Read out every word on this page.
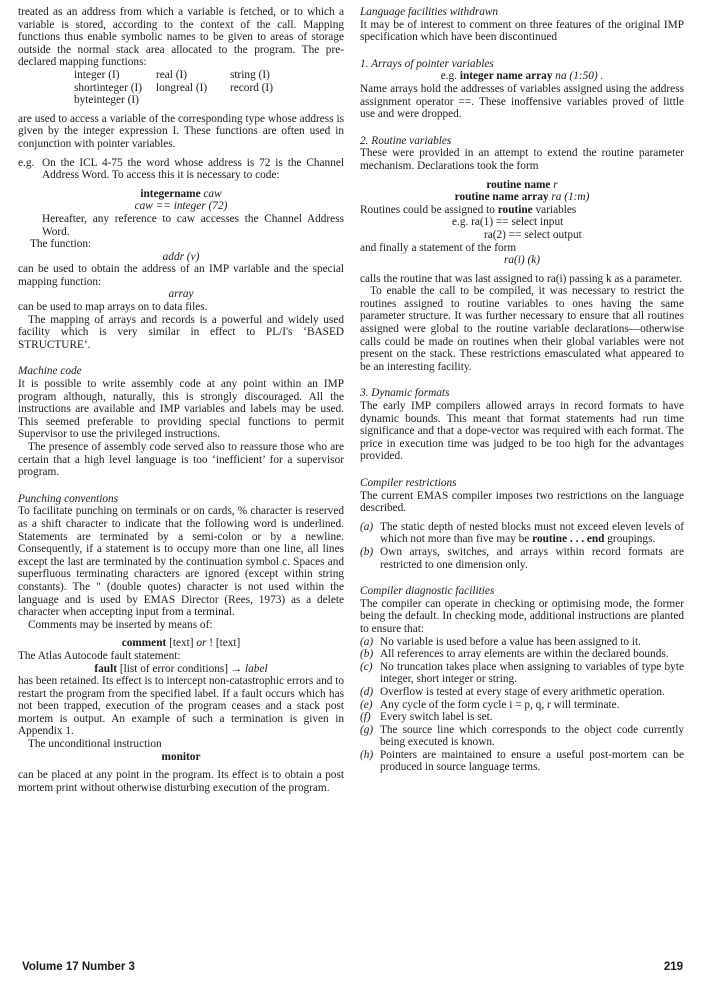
treated as an address from which a variable is fetched, or to which a variable is stored, according to the context of the call. Mapping functions thus enable symbolic names to be given to areas of storage outside the normal stack area allocated to the program. The pre-declared mapping functions:

integer (I)	real (I)	string (I)
shortinteger (I)	longreal (I)	record (I)
byteinteger (I)

are used to access a variable of the corresponding type whose address is given by the integer expression I. These functions are often used in conjunction with pointer variables.

e.g. On the ICL 4-75 the word whose address is 72 is the Channel Address Word. To access this it is necessary to code:
integername caw
caw == integer (72)

Hereafter, any reference to caw accesses the Channel Address Word.

The function:

addr (v)

can be used to obtain the address of an IMP variable and the special mapping function:

array

can be used to map arrays on to data files.

The mapping of arrays and records is a powerful and widely used facility which is very similar in effect to PL/I's ‘BASED STRUCTURE’.

Machine code

It is possible to write assembly code at any point within an IMP program although, naturally, this is strongly discouraged. All the instructions are available and IMP variables and labels may be used. This seemed preferable to providing special functions to permit Supervisor to use the privileged instructions.

The presence of assembly code served also to reassure those who are certain that a high level language is too ‘inefficient’ for a supervisor program.

Punching conventions

To facilitate punching on terminals or on cards, % character is reserved as a shift character to indicate that the following word is underlined. Statements are terminated by a semi-colon or by a newline. Consequently, if a statement is to occupy more than one line, all lines except the last are terminated by the continuation symbol c. Spaces and superfluous terminating characters are ignored (except within string constants). The " (double quotes) character is not used within the language and is used by EMAS Director (Rees, 1973) as a delete character when accepting input from a terminal.

Comments may be inserted by means of:

comment [text] or ! [text]

The Atlas Autocode fault statement:

fault [list of error conditions] → label

has been retained. Its effect is to intercept non-catastrophic errors and to restart the program from the specified label. If a fault occurs which has not been trapped, execution of the program ceases and a stack post mortem is output. An example of such a termination is given in Appendix 1.

The unconditional instruction

monitor

can be placed at any point in the program. Its effect is to obtain a post mortem print without otherwise disturbing execution of the program.

Language facilities withdrawn

It may be of interest to comment on three features of the original IMP specification which have been discontinued

1. Arrays of pointer variables
e.g. integer name array na (1:50) .

Name arrays hold the addresses of variables assigned using the address assignment operator ==. These inoffensive variables proved of little use and were dropped.

2. Routine variables

These were provided in an attempt to extend the routine parameter mechanism. Declarations took the form

routine name r
routine name array ra (1:m)

Routines could be assigned to routine variables

e.g. ra(1) == select input
ra(2) == select output

and finally a statement of the form

ra(i) (k)

calls the routine that was last assigned to ra(i) passing k as a parameter.

To enable the call to be compiled, it was necessary to restrict the routines assigned to routine variables to ones having the same parameter structure. It was further necessary to ensure that all routines assigned were global to the routine variable declarations—otherwise calls could be made on routines when their global variables were not present on the stack. These restrictions emasculated what appeared to be an interesting facility.

3. Dynamic formats

The early IMP compilers allowed arrays in record formats to have dynamic bounds. This meant that format statements had run time significance and that a dope-vector was required with each format. The price in execution time was judged to be too high for the advantages provided.

Compiler restrictions

The current EMAS compiler imposes two restrictions on the language described.

(a) The static depth of nested blocks must not exceed eleven levels of which not more than five may be routine . . . end groupings.
(b) Own arrays, switches, and arrays within record formats are restricted to one dimension only.
Compiler diagnostic facilities

The compiler can operate in checking or optimising mode, the former being the default. In checking mode, additional instructions are planted to ensure that:

(a) No variable is used before a value has been assigned to it.
(b) All references to array elements are within the declared bounds.
(c) No truncation takes place when assigning to variables of type byte integer, short integer or string.
(d) Overflow is tested at every stage of every arithmetic operation.
(e) Any cycle of the form cycle i = p, q, r will terminate.
(f) Every switch label is set.
(g) The source line which corresponds to the object code currently being executed is known.
(h) Pointers are maintained to ensure a useful post-mortem can be produced in source language terms.
Volume 17 Number 3	219
